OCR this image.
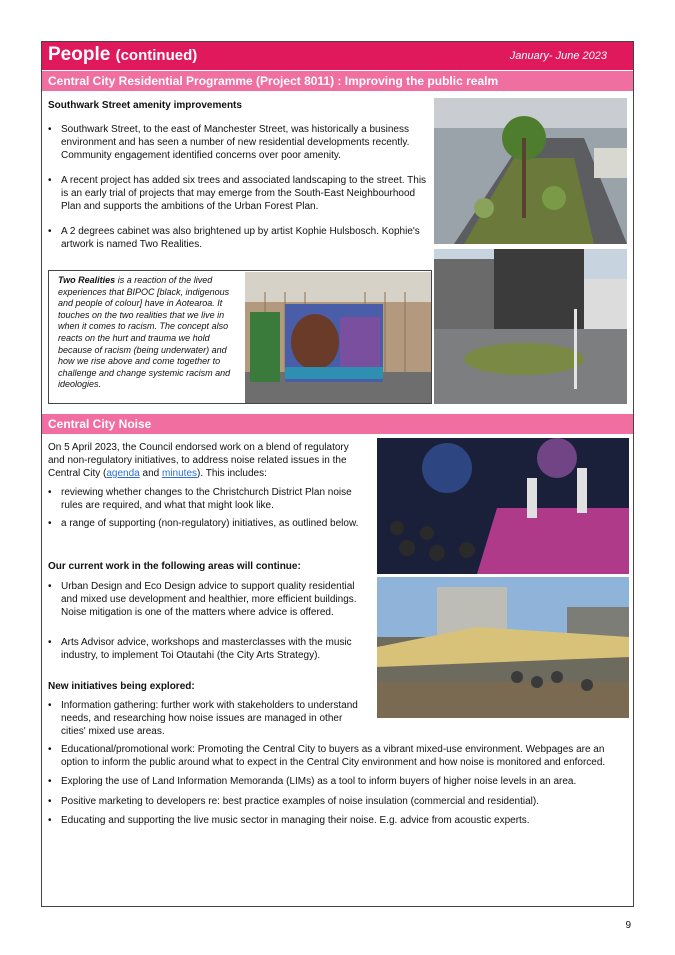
People (continued)	January- June 2023
Central City Residential Programme (Project 8011) : Improving the public realm
Southwark Street amenity improvements
• Southwark Street, to the east of Manchester Street, was historically a business environment and has seen a number of new residential developments recently. Community engagement identified concerns over poor amenity.
• A recent project has added six trees and associated landscaping to the street. This is an early trial of projects that may emerge from the South-East Neighbourhood Plan and supports the ambitions of the Urban Forest Plan.
• A 2 degrees cabinet was also brightened up by artist Kophie Hulsbosch. Kophie's artwork is named Two Realities.
Two Realities is a reaction of the lived experiences that BIPOC [black, indigenous and people of colour] have in Aotearoa. It touches on the two realities that we live in when it comes to racism. The concept also reacts on the hurt and trauma we hold because of racism (being underwater) and how we rise above and come together to challenge and change systemic racism and ideologies.
Central City Noise
On 5 April 2023, the Council endorsed work on a blend of regulatory and non-regulatory initiatives, to address noise related issues in the Central City (agenda and minutes). This includes:
• reviewing whether changes to the Christchurch District Plan noise rules are required, and what that might look like.
• a range of supporting (non-regulatory) initiatives, as outlined below.
Our current work in the following areas will continue:
• Urban Design and Eco Design advice to support quality residential and mixed use development and healthier, more efficient buildings. Noise mitigation is one of the matters where advice is offered.
• Arts Advisor advice, workshops and masterclasses with the music industry, to implement Toi Otautahi (the City Arts Strategy).
New initiatives being explored:
• Information gathering: further work with stakeholders to understand needs, and researching how noise issues are managed in other cities' mixed use areas.
• Educational/promotional work: Promoting the Central City to buyers as a vibrant mixed-use environment. Webpages are an option to inform the public around what to expect in the Central City environment and how noise is monitored and enforced.
• Exploring the use of Land Information Memoranda (LIMs) as a tool to inform buyers of higher noise levels in an area.
• Positive marketing to developers re: best practice examples of noise insulation (commercial and residential).
• Educating and supporting the live music sector in managing their noise. E.g. advice from acoustic experts.
9
